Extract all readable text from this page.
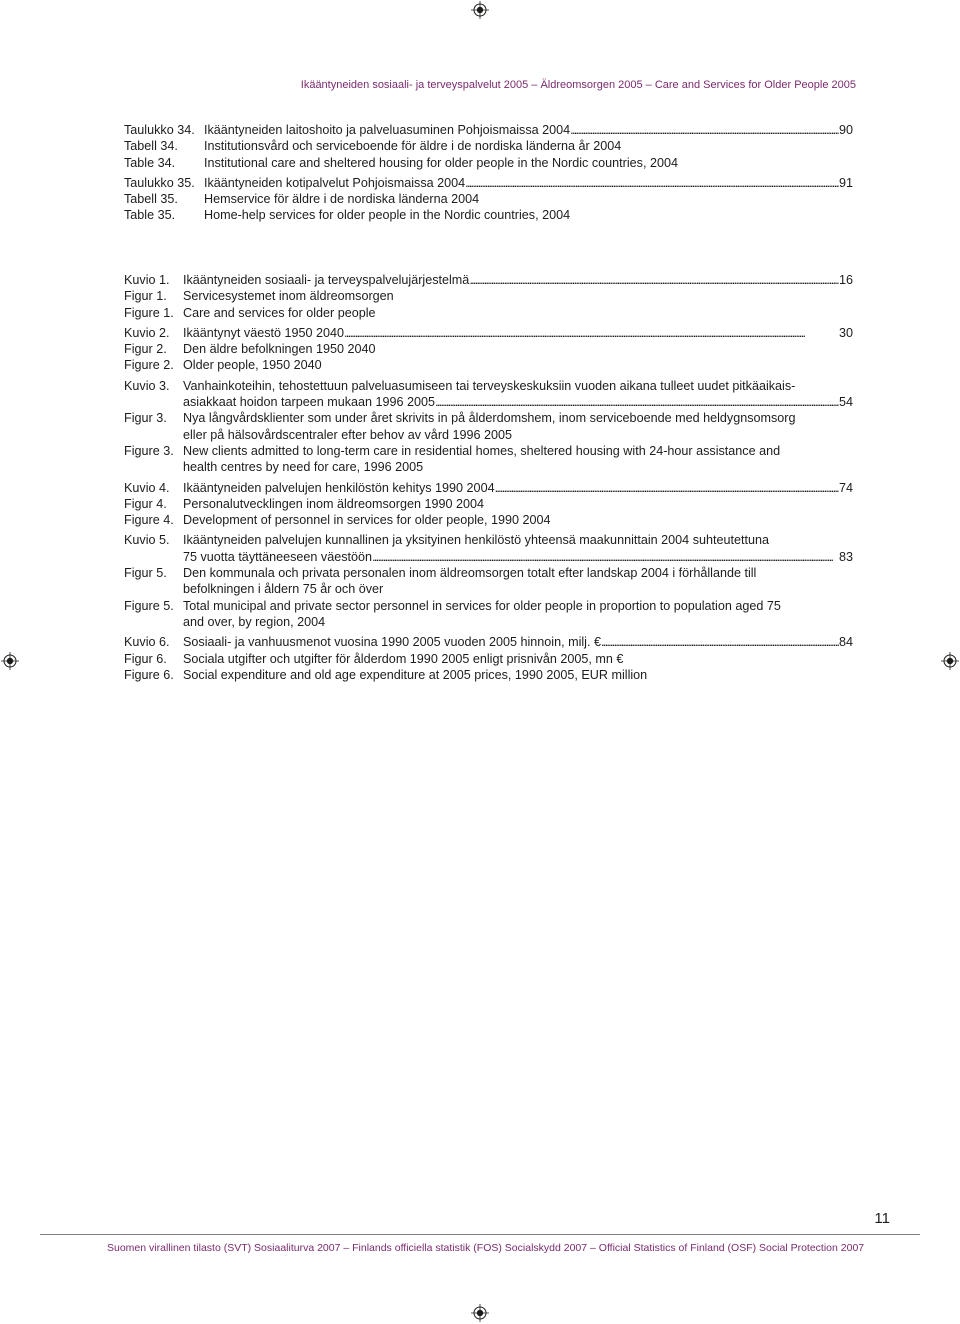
Ikääntyneiden sosiaali- ja terveyspalvelut 2005 – Äldreomsorgen 2005 – Care and Services for Older People 2005
Taulukko 34. Ikääntyneiden laitoshoito ja palveluasuminen Pohjoismaissa 2004 . . .	90
Tabell 34.	Institutionsvård och serviceboende för äldre i de nordiska länderna år 2004
Table 34.	Institutional care and sheltered housing for older people in the Nordic countries, 2004
Taulukko 35. Ikääntyneiden kotipalvelut Pohjoismaissa 2004 . . .	91
Tabell 35.	Hemservice för äldre i de nordiska länderna 2004
Table 35.	Home-help services for older people in the Nordic countries, 2004
Kuvio 1.	Ikääntyneiden sosiaali- ja terveyspalvelujärjestelmä . . .	16
Figur 1.	Servicesystemet inom äldreomsorgen
Figure 1. Care and services for older people
Kuvio 2.	Ikääntynyt väestö 1950 2040 . . .	30
Figur 2.	Den äldre befolkningen 1950 2040
Figure 2. Older people, 1950 2040
Kuvio 3.	Vanhainkoteihin, tehostettuun palveluasumiseen tai terveyskeskuksiin vuoden aikana tulleet uudet pitkäaikais-
asiakkaat hoidon tarpeen mukaan 1996 2005 . . .	54
Figur 3.	Nya långvårdsklienter som under året skrivits in på ålderdomshem, inom serviceboende med heldygnsomsorg
eller på hälsovårdscentraler efter behov av vård 1996 2005
Figure 3. New clients admitted to long-term care in residential homes, sheltered housing with 24-hour assistance and
health centres by need for care, 1996 2005
Kuvio 4.	Ikääntyneiden palvelujen henkilöstön kehitys 1990 2004 . . .	74
Figur 4.	Personalutvecklingen inom äldreomsorgen 1990 2004
Figure 4. Development of personnel in services for older people, 1990 2004
Kuvio 5.	Ikääntyneiden palvelujen kunnallinen ja yksityinen henkilöstö yhteensä maakunnittain 2004 suhteutettuna
75 vuotta täyttäneeseen väestöön . . .	83
Figur 5.	Den kommunala och privata personalen inom äldreomsorgen totalt efter landskap 2004 i förhållande till
befolkningen i åldern 75 år och över
Figure 5. Total municipal and private sector personnel in services for older people in proportion to population aged 75
and over, by region, 2004
Kuvio 6.	Sosiaali- ja vanhuusmenot vuosina 1990 2005 vuoden 2005 hinnoin, milj. € . . .	84
Figur 6.	Sociala utgifter och utgifter för ålderdom 1990 2005 enligt prisnivån 2005, mn €
Figure 6. Social expenditure and old age expenditure at 2005 prices, 1990 2005, EUR million
11
Suomen virallinen tilasto (SVT) Sosiaaliturva 2007 – Finlands officiella statistik (FOS) Socialskydd 2007 – Official Statistics of Finland (OSF) Social Protection 2007
